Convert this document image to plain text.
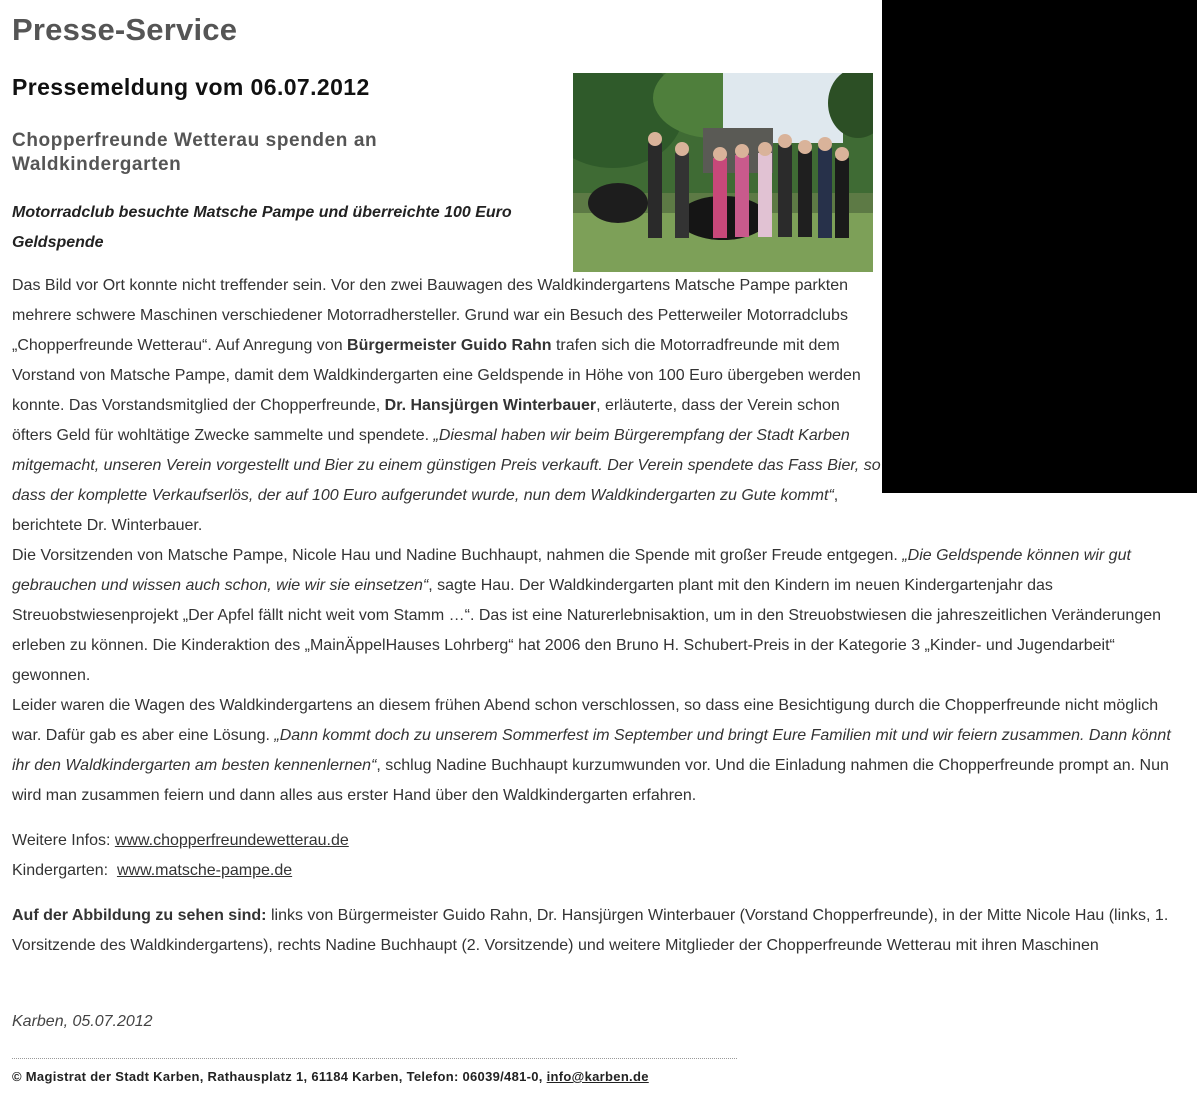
Presse-Service
Pressemeldung vom 06.07.2012
Chopperfreunde Wetterau spenden an Waldkindergarten

Motorradclub besuchte Matsche Pampe und überreichte 100 Euro Geldspende

Das Bild vor Ort konnte nicht treffender sein. Vor den zwei Bauwagen des Waldkindergartens Matsche Pampe parkten mehrere schwere Maschinen verschiedener Motorradhersteller. Grund war ein Besuch des Petterweiler Motorradclubs „Chopperfreunde Wetterau“. Auf Anregung von Bürgermeister Guido Rahn trafen sich die Motorradfreunde mit dem Vorstand von Matsche Pampe, damit dem Waldkindergarten eine Geldspende in Höhe von 100 Euro übergeben werden konnte. Das Vorstandsmitglied der Chopperfreunde, Dr. Hansjürgen Winterbauer, erläuterte, dass der Verein schon öfters Geld für wohltätige Zwecke sammelte und spendete. „Diesmal haben wir beim Bürgerempfang der Stadt Karben mitgemacht, unseren Verein vorgestellt und Bier zu einem günstigen Preis verkauft. Der Verein spendete das Fass Bier, so dass der komplette Verkaufserlös, der auf 100 Euro aufgerundet wurde, nun dem Waldkindergarten zu Gute kommt“, berichtete Dr. Winterbauer.

Die Vorsitzenden von Matsche Pampe, Nicole Hau und Nadine Buchhaupt, nahmen die Spende mit großer Freude entgegen. „Die Geldspende können wir gut gebrauchen und wissen auch schon, wie wir sie einsetzen“, sagte Hau. Der Waldkindergarten plant mit den Kindern im neuen Kindergartenjahr das Streuobstwiesenprojekt „Der Apfel fällt nicht weit vom Stamm …“. Das ist eine Naturerlebnisaktion, um in den Streuobstwiesen die jahreszeitlichen Veränderungen erleben zu können. Die Kinderaktion des „MainÄppelHauses Lohrberg“ hat 2006 den Bruno H. Schubert-Preis in der Kategorie 3 „Kinder- und Jugendarbeit“ gewonnen.

Leider waren die Wagen des Waldkindergartens an diesem frühen Abend schon verschlossen, so dass eine Besichtigung durch die Chopperfreunde nicht möglich war. Dafür gab es aber eine Lösung. „Dann kommt doch zu unserem Sommerfest im September und bringt Eure Familien mit und wir feiern zusammen. Dann könnt ihr den Waldkindergarten am besten kennenlernen“, schlug Nadine Buchhaupt kurzumwunden vor. Und die Einladung nahmen die Chopperfreunde prompt an. Nun wird man zusammen feiern und dann alles aus erster Hand über den Waldkindergarten erfahren.

Weitere Infos: www.chopperfreundewetterau.de
Kindergarten:  www.matsche-pampe.de

Auf der Abbildung zu sehen sind: links von Bürgermeister Guido Rahn, Dr. Hansjürgen Winterbauer (Vorstand Chopperfreunde), in der Mitte Nicole Hau (links, 1. Vorsitzende des Waldkindergartens), rechts Nadine Buchhaupt (2. Vorsitzende) und weitere Mitglieder der Chopperfreunde Wetterau mit ihren Maschinen

Karben, 05.07.2012

© Magistrat der Stadt Karben, Rathausplatz 1, 61184 Karben, Telefon: 06039/481-0, info@karben.de
